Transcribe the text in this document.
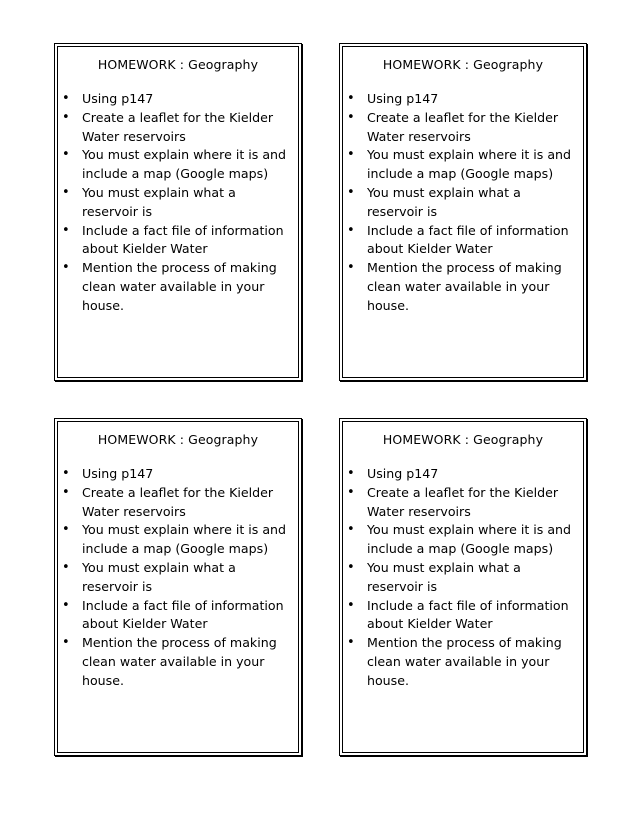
HOMEWORK : Geography
• Using p147
• Create a leaflet for the Kielder Water reservoirs
• You must explain where it is and include a map (Google maps)
• You must explain what a reservoir is
• Include a fact file of information about Kielder Water
• Mention the process of making clean water available in your house.
HOMEWORK : Geography
• Using p147
• Create a leaflet for the Kielder Water reservoirs
• You must explain where it is and include a map (Google maps)
• You must explain what a reservoir is
• Include a fact file of information about Kielder Water
• Mention the process of making clean water available in your house.
HOMEWORK : Geography
• Using p147
• Create a leaflet for the Kielder Water reservoirs
• You must explain where it is and include a map (Google maps)
• You must explain what a reservoir is
• Include a fact file of information about Kielder Water
• Mention the process of making clean water available in your house.
HOMEWORK : Geography
• Using p147
• Create a leaflet for the Kielder Water reservoirs
• You must explain where it is and include a map (Google maps)
• You must explain what a reservoir is
• Include a fact file of information about Kielder Water
• Mention the process of making clean water available in your house.
